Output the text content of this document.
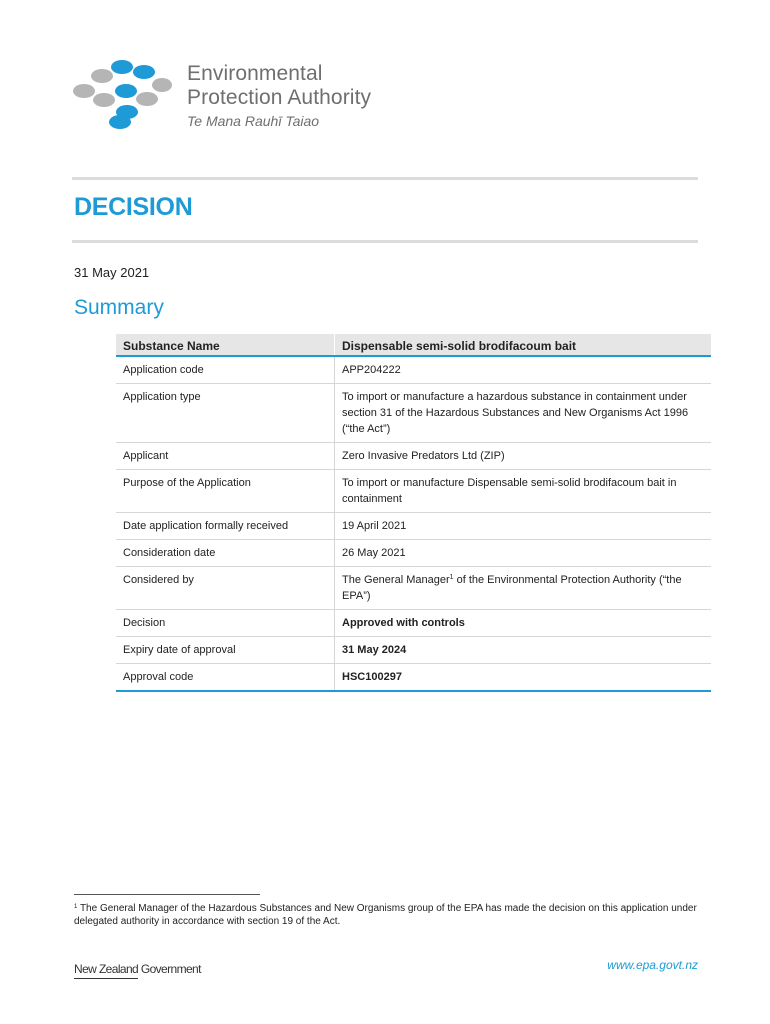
Environmental
Protection Authority
Te Mana Rauhī Taiao
DECISION
31 May 2021
Summary
Substance Name	Dispensable semi-solid brodifacoum bait
Application code	APP204222
Application type	To import or manufacture a hazardous substance in containment under section 31 of the Hazardous Substances and New Organisms Act 1996 (“the Act”)
Applicant	Zero Invasive Predators Ltd (ZIP)
Purpose of the Application	To import or manufacture Dispensable semi-solid brodifacoum bait in containment
Date application formally received	19 April 2021
Consideration date	26 May 2021
Considered by	The General Manager$^1$ of the Environmental Protection Authority (“the EPA”)
Decision	Approved with controls
Expiry date of approval	31 May 2024
Approval code	HSC100297
$^1$ The General Manager of the Hazardous Substances and New Organisms group of the EPA has made the decision on this application under delegated authority in accordance with section 19 of the Act.
New Zealand Government	www.epa.govt.nz
